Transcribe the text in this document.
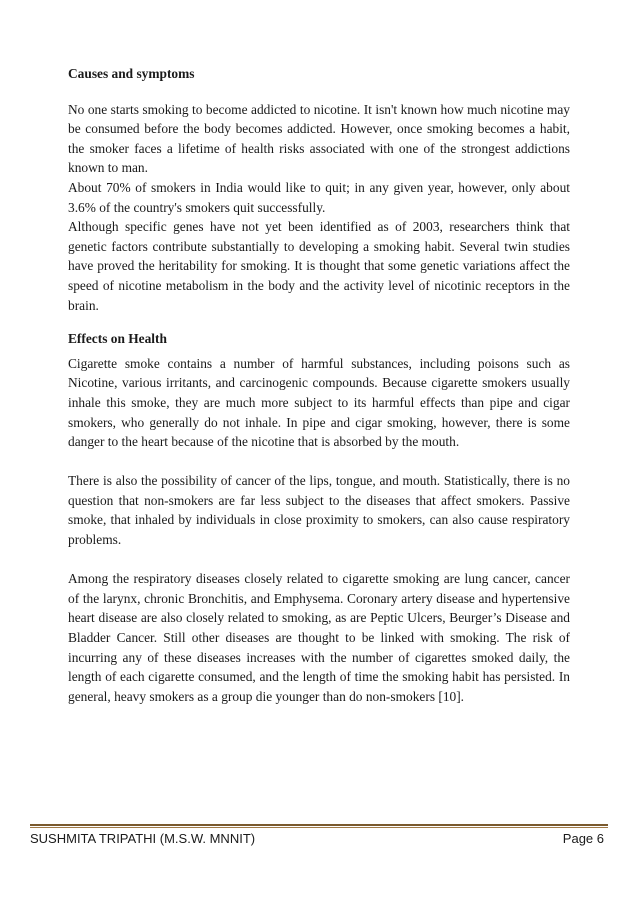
Causes and symptoms

No one starts smoking to become addicted to nicotine. It isn't known how much nicotine may be consumed before the body becomes addicted. However, once smoking becomes a habit, the smoker faces a lifetime of health risks associated with one of the strongest addictions known to man.

About 70% of smokers in India would like to quit; in any given year, however, only about 3.6% of the country's smokers quit successfully.

Although specific genes have not yet been identified as of 2003, researchers think that genetic factors contribute substantially to developing a smoking habit. Several twin studies have proved the heritability for smoking. It is thought that some genetic variations affect the speed of nicotine metabolism in the body and the activity level of nicotinic receptors in the brain.

Effects on Health

Cigarette smoke contains a number of harmful substances, including poisons such as Nicotine, various irritants, and carcinogenic compounds. Because cigarette smokers usually inhale this smoke, they are much more subject to its harmful effects than pipe and cigar smokers, who generally do not inhale. In pipe and cigar smoking, however, there is some danger to the heart because of the nicotine that is absorbed by the mouth.

There is also the possibility of cancer of the lips, tongue, and mouth. Statistically, there is no question that non-smokers are far less subject to the diseases that affect smokers. Passive smoke, that inhaled by individuals in close proximity to smokers, can also cause respiratory problems.

Among the respiratory diseases closely related to cigarette smoking are lung cancer, cancer of the larynx, chronic Bronchitis, and Emphysema. Coronary artery disease and hypertensive heart disease are also closely related to smoking, as are Peptic Ulcers, Beurger’s Disease and Bladder Cancer. Still other diseases are thought to be linked with smoking. The risk of incurring any of these diseases increases with the number of cigarettes smoked daily, the length of each cigarette consumed, and the length of time the smoking habit has persisted. In general, heavy smokers as a group die younger than do non-smokers [10].

SUSHMITA TRIPATHI (M.S.W. MNNIT)	Page 6
